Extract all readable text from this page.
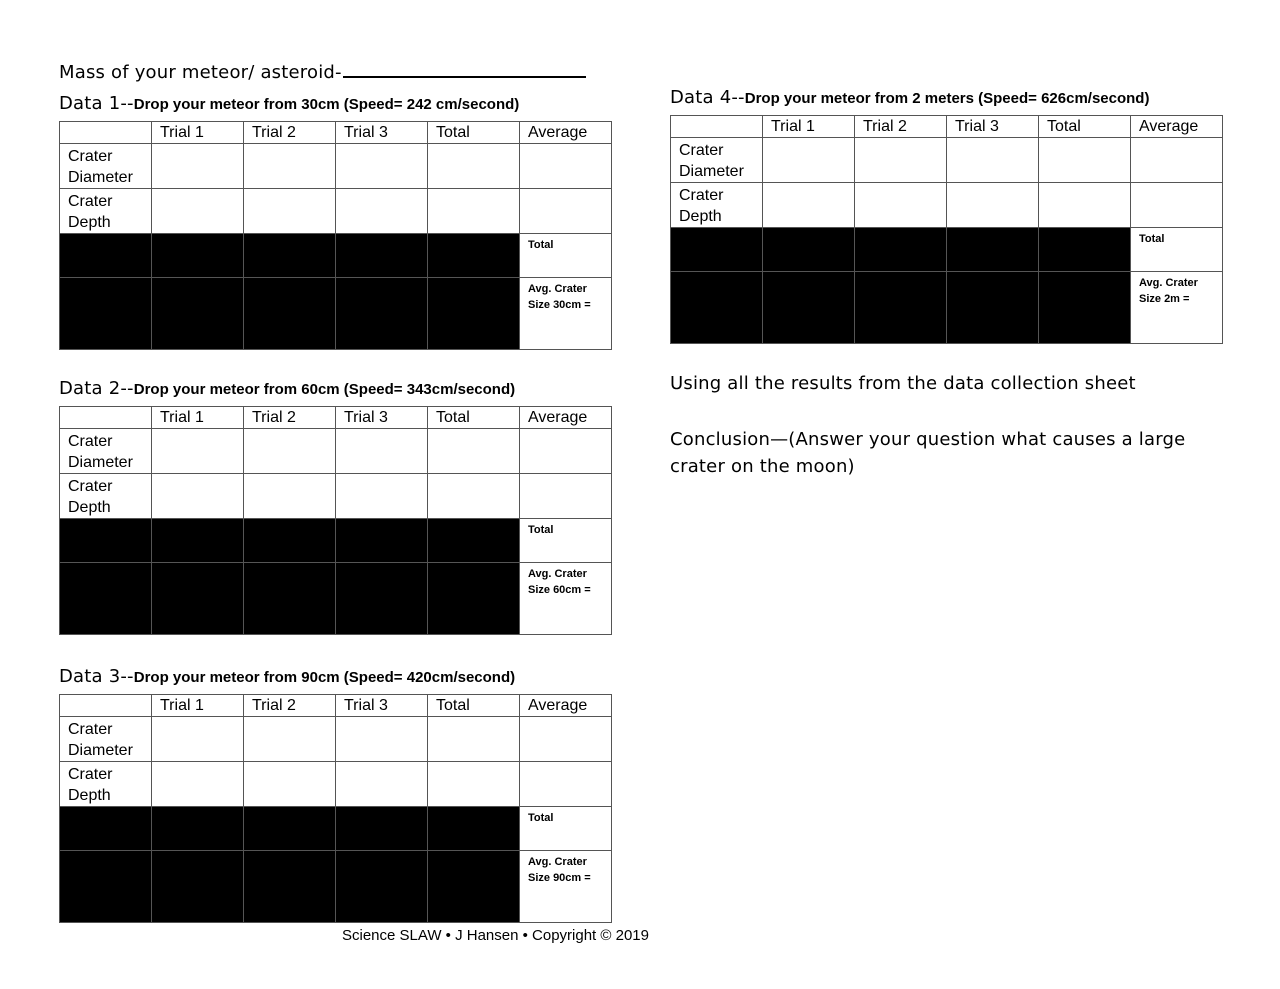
Mass of your meteor/ asteroid-
Data 1--Drop your meteor from 30cm (Speed= 242 cm/second)
	Trial 1	Trial 2	Trial 3	Total	Average

Crater
Diameter					

Crater
Depth					

					Total

					Avg. Crater
Size 30cm =
Data 2--Drop your meteor from 60cm (Speed= 343cm/second)
	Trial 1	Trial 2	Trial 3	Total	Average

Crater
Diameter					

Crater
Depth					

					Total

					Avg. Crater
Size 60cm =
Data 3--Drop your meteor from 90cm (Speed= 420cm/second)
	Trial 1	Trial 2	Trial 3	Total	Average

Crater
Diameter					

Crater
Depth					

					Total

					Avg. Crater
Size 90cm =
Data 4--Drop your meteor from 2 meters (Speed= 626cm/second)
	Trial 1	Trial 2	Trial 3	Total	Average

Crater
Diameter					

Crater
Depth					

					Total

					Avg. Crater
Size 2m =
Using all the results from the data collection sheet
Conclusion—(Answer your question what causes a large crater on the moon)
Science SLAW • J Hansen • Copyright © 2019
